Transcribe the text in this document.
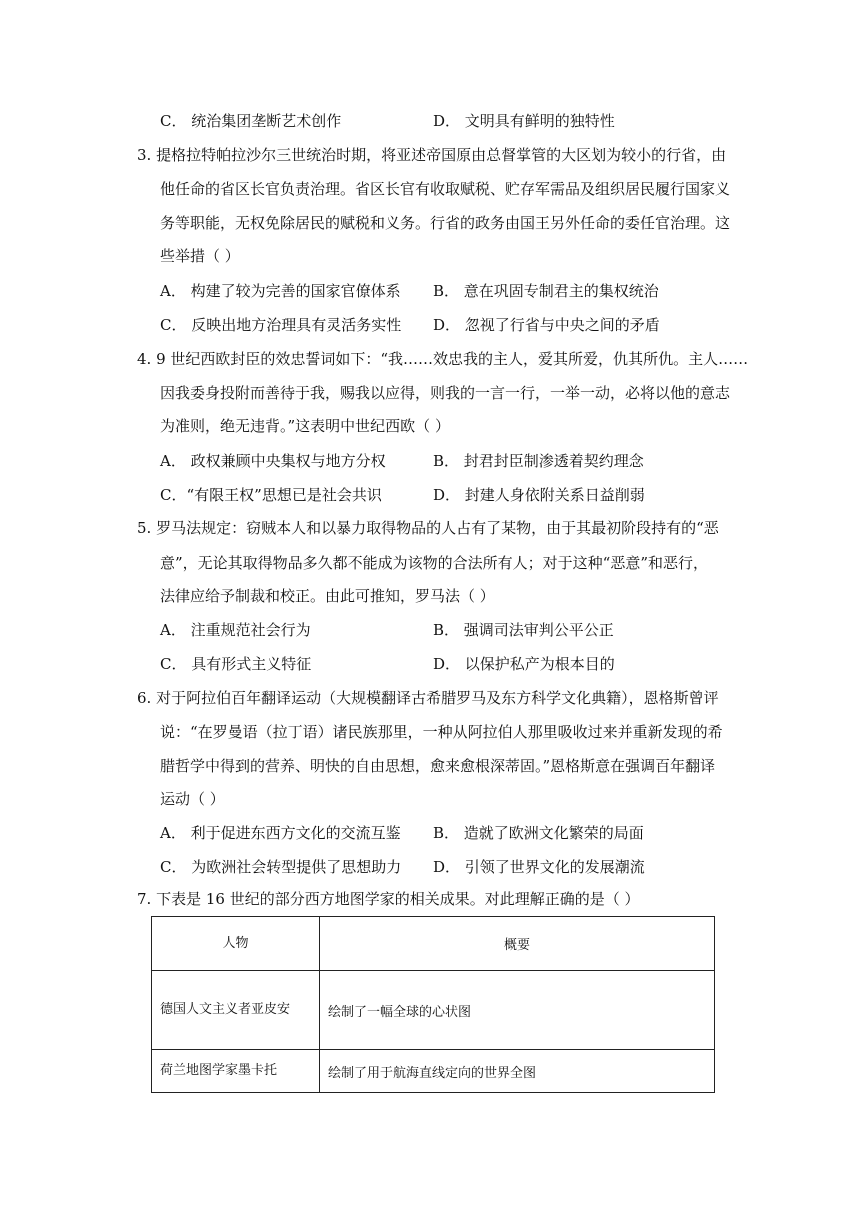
C． 统治集团垄断艺术创作	D． 文明具有鲜明的独特性
3. 提格拉特帕拉沙尔三世统治时期，将亚述帝国原由总督掌管的大区划为较小的行省，由
他任命的省区长官负责治理。省区长官有收取赋税、贮存军需品及组织居民履行国家义
务等职能，无权免除居民的赋税和义务。行省的政务由国王另外任命的委任官治理。这
些举措（ ）
A． 构建了较为完善的国家官僚体系 B． 意在巩固专制君主的集权统治
C． 反映出地方治理具有灵活务实性 D． 忽视了行省与中央之间的矛盾
4. 9 世纪西欧封臣的效忠誓词如下：“我……效忠我的主人，爱其所爱，仇其所仇。主人……
因我委身投附而善待于我，赐我以应得，则我的一言一行，一举一动，必将以他的意志
为准则，绝无违背。”这表明中世纪西欧（ ）
A． 政权兼顾中央集权与地方分权	B． 封君封臣制渗透着契约理念
C．“有限王权”思想已是社会共识	D． 封建人身依附关系日益削弱
5. 罗马法规定：窃贼本人和以暴力取得物品的人占有了某物，由于其最初阶段持有的“恶
意”，无论其取得物品多久都不能成为该物的合法所有人；对于这种“恶意”和恶行，
法律应给予制裁和校正。由此可推知，罗马法（ ）
A． 注重规范社会行为	B． 强调司法审判公平公正
C． 具有形式主义特征	D． 以保护私产为根本目的
6. 对于阿拉伯百年翻译运动（大规模翻译古希腊罗马及东方科学文化典籍），恩格斯曾评
说：“在罗曼语（拉丁语）诸民族那里，一种从阿拉伯人那里吸收过来并重新发现的希
腊哲学中得到的营养、明快的自由思想，愈来愈根深蒂固。”恩格斯意在强调百年翻译
运动（ ）
A． 利于促进东西方文化的交流互鉴 B． 造就了欧洲文化繁荣的局面
C． 为欧洲社会转型提供了思想助力 D． 引领了世界文化的发展潮流
7. 下表是 16 世纪的部分西方地图学家的相关成果。对此理解正确的是（ ）
人物	概要
德国人文主义者亚皮安	绘制了一幅全球的心状图
荷兰地图学家墨卡托	绘制了用于航海直线定向的世界全图
